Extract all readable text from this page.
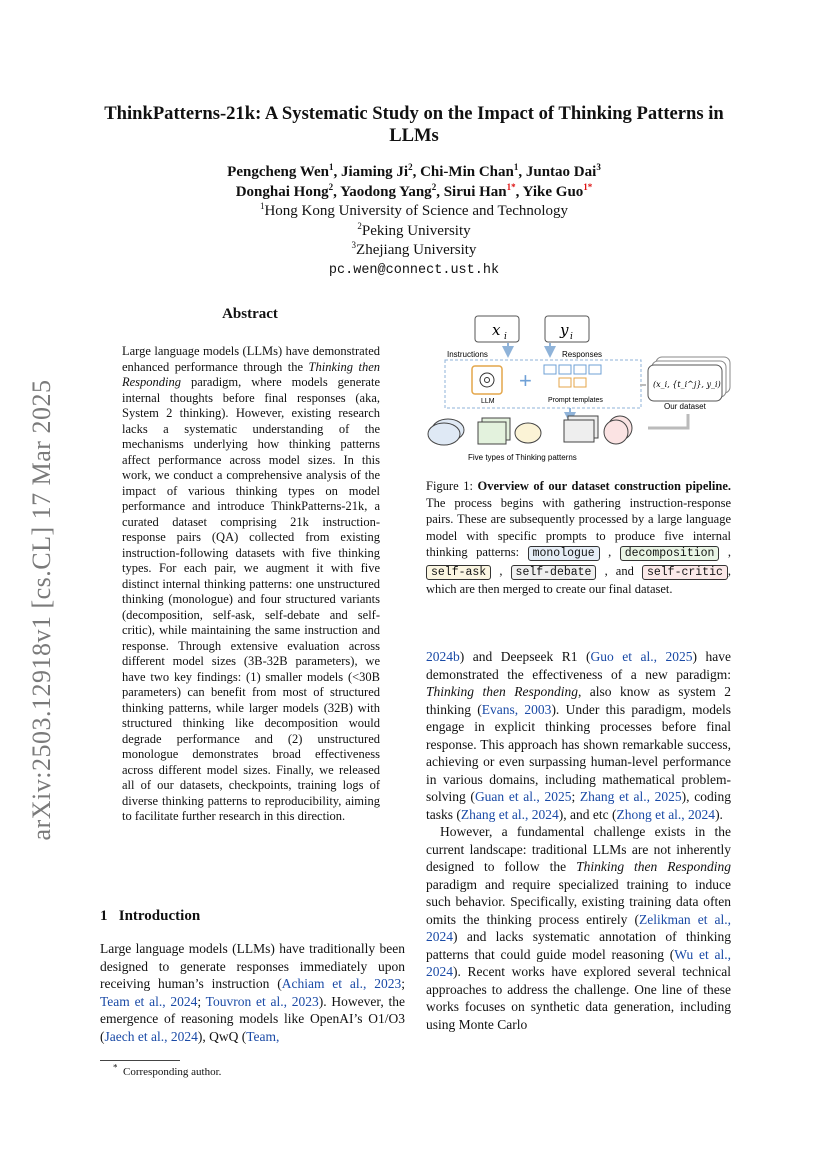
arXiv:2503.12918v1 [cs.CL] 17 Mar 2025
ThinkPatterns-21k: A Systematic Study on the Impact of Thinking Patterns in LLMs
Pengcheng Wen$^1$, Jiaming Ji$^2$, Chi-Min Chan$^1$, Juntao Dai$^3$
Donghai Hong$^2$, Yaodong Yang$^2$, Sirui Han$^{1*}$, Yike Guo$^{1*}$
$^1$Hong Kong University of Science and Technology
$^2$Peking University
$^3$Zhejiang University
pc.wen@connect.ust.hk
Abstract
Large language models (LLMs) have demonstrated enhanced performance through the Thinking then Responding paradigm, where models generate internal thoughts before final responses (aka, System 2 thinking). However, existing research lacks a systematic understanding of the mechanisms underlying how thinking patterns affect performance across model sizes. In this work, we conduct a comprehensive analysis of the impact of various thinking types on model performance and introduce ThinkPatterns-21k, a curated dataset comprising 21k instruction-response pairs (QA) collected from existing instruction-following datasets with five thinking types. For each pair, we augment it with five distinct internal thinking patterns: one unstructured thinking (monologue) and four structured variants (decomposition, self-ask, self-debate and self-critic), while maintaining the same instruction and response. Through extensive evaluation across different model sizes (3B-32B parameters), we have two key findings: (1) smaller models (<30B parameters) can benefit from most of structured thinking patterns, while larger models (32B) with structured thinking like decomposition would degrade performance and (2) unstructured monologue demonstrates broad effectiveness across different model sizes. Finally, we released all of our datasets, checkpoints, training logs of diverse thinking patterns to reproducibility, aiming to facilitate further research in this direction.
1 Introduction
Large language models (LLMs) have traditionally been designed to generate responses immediately upon receiving human’s instruction (Achiam et al., 2023; Team et al., 2024; Touvron et al., 2023). However, the emergence of reasoning models like OpenAI’s O1/O3 (Jaech et al., 2024), QwQ (Team,
* Corresponding author.
x i	y i
Instructions	Responses
LLM
+
Prompt templates
(x_i, {t_i^j}, y_i)
Our dataset
Five types of Thinking patterns
Figure 1: Overview of our dataset construction pipeline. The process begins with gathering instruction-response pairs. These are subsequently processed by a large language model with specific prompts to produce five internal thinking patterns: monologue , decomposition , self-ask , self-debate , and self-critic , which are then merged to create our final dataset.

2024b) and Deepseek R1 (Guo et al., 2025) have demonstrated the effectiveness of a new paradigm: Thinking then Responding, also know as system 2 thinking (Evans, 2003). Under this paradigm, models engage in explicit thinking processes before final response. This approach has shown remarkable success, achieving or even surpassing human-level performance in various domains, including mathematical problem-solving (Guan et al., 2025; Zhang et al., 2025), coding tasks (Zhang et al., 2024), and etc (Zhong et al., 2024).

However, a fundamental challenge exists in the current landscape: traditional LLMs are not inherently designed to follow the Thinking then Responding paradigm and require specialized training to induce such behavior. Specifically, existing training data often omits the thinking process entirely (Zelikman et al., 2024) and lacks systematic annotation of thinking patterns that could guide model reasoning (Wu et al., 2024). Recent works have explored several technical approaches to address the challenge. One line of these works focuses on synthetic data generation, including using Monte Carlo
